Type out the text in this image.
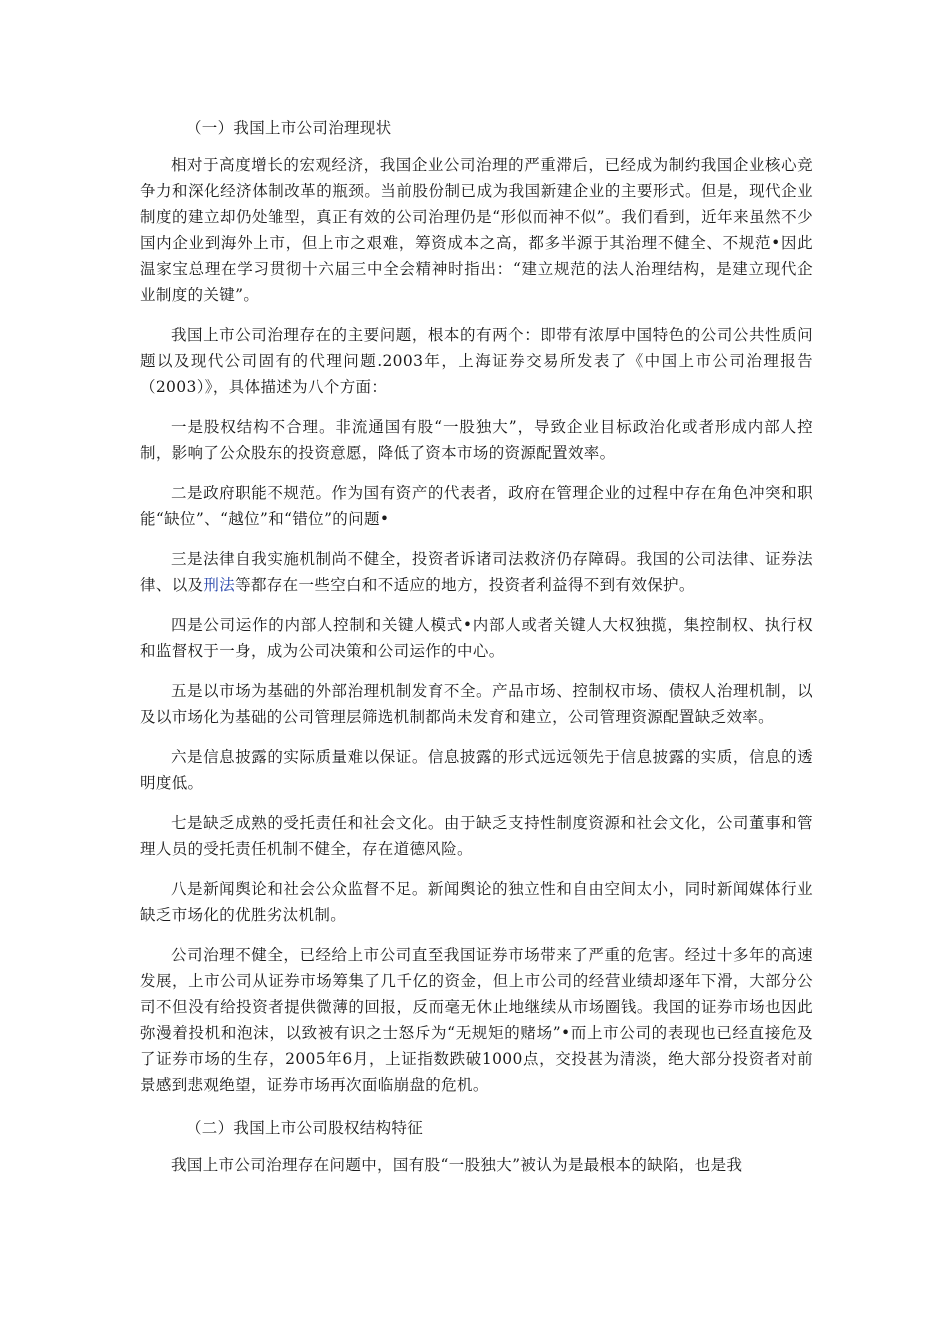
（一）我国上市公司治理现状

相对于高度增长的宏观经济，我国企业公司治理的严重滞后，已经成为制约我国企业核心竞争力和深化经济体制改革的瓶颈。当前股份制已成为我国新建企业的主要形式。但是，现代企业制度的建立却仍处雏型，真正有效的公司治理仍是“形似而神不似”。我们看到，近年来虽然不少国内企业到海外上市，但上市之艰难，筹资成本之高，都多半源于其治理不健全、不规范•因此温家宝总理在学习贯彻十六届三中全会精神时指出：“建立规范的法人治理结构，是建立现代企业制度的关键”。

我国上市公司治理存在的主要问题，根本的有两个：即带有浓厚中国特色的公司公共性质问题以及现代公司固有的代理问题.2003年，上海证券交易所发表了《中国上市公司治理报告（2003）》，具体描述为八个方面：

一是股权结构不合理。非流通国有股“一股独大”，导致企业目标政治化或者形成内部人控制，影响了公众股东的投资意愿，降低了资本市场的资源配置效率。

二是政府职能不规范。作为国有资产的代表者，政府在管理企业的过程中存在角色冲突和职能“缺位”、“越位”和“错位”的问题•

三是法律自我实施机制尚不健全，投资者诉诸司法救济仍存障碍。我国的公司法律、证券法律、以及刑法等都存在一些空白和不适应的地方，投资者利益得不到有效保护。

四是公司运作的内部人控制和关键人模式•内部人或者关键人大权独揽，集控制权、执行权和监督权于一身，成为公司决策和公司运作的中心。

五是以市场为基础的外部治理机制发育不全。产品市场、控制权市场、债权人治理机制，以及以市场化为基础的公司管理层筛选机制都尚未发育和建立，公司管理资源配置缺乏效率。

六是信息披露的实际质量难以保证。信息披露的形式远远领先于信息披露的实质，信息的透明度低。

七是缺乏成熟的受托责任和社会文化。由于缺乏支持性制度资源和社会文化，公司董事和管理人员的受托责任机制不健全，存在道德风险。

八是新闻舆论和社会公众监督不足。新闻舆论的独立性和自由空间太小，同时新闻媒体行业缺乏市场化的优胜劣汰机制。

公司治理不健全，已经给上市公司直至我国证券市场带来了严重的危害。经过十多年的高速发展，上市公司从证券市场筹集了几千亿的资金，但上市公司的经营业绩却逐年下滑，大部分公司不但没有给投资者提供微薄的回报，反而毫无休止地继续从市场圈钱。我国的证券市场也因此弥漫着投机和泡沫，以致被有识之士怒斥为“无规矩的赌场”•而上市公司的表现也已经直接危及了证券市场的生存，2005年6月，上证指数跌破1000点，交投甚为清淡，绝大部分投资者对前景感到悲观绝望，证券市场再次面临崩盘的危机。

（二）我国上市公司股权结构特征

我国上市公司治理存在问题中，国有股“一股独大”被认为是最根本的缺陷，也是我
